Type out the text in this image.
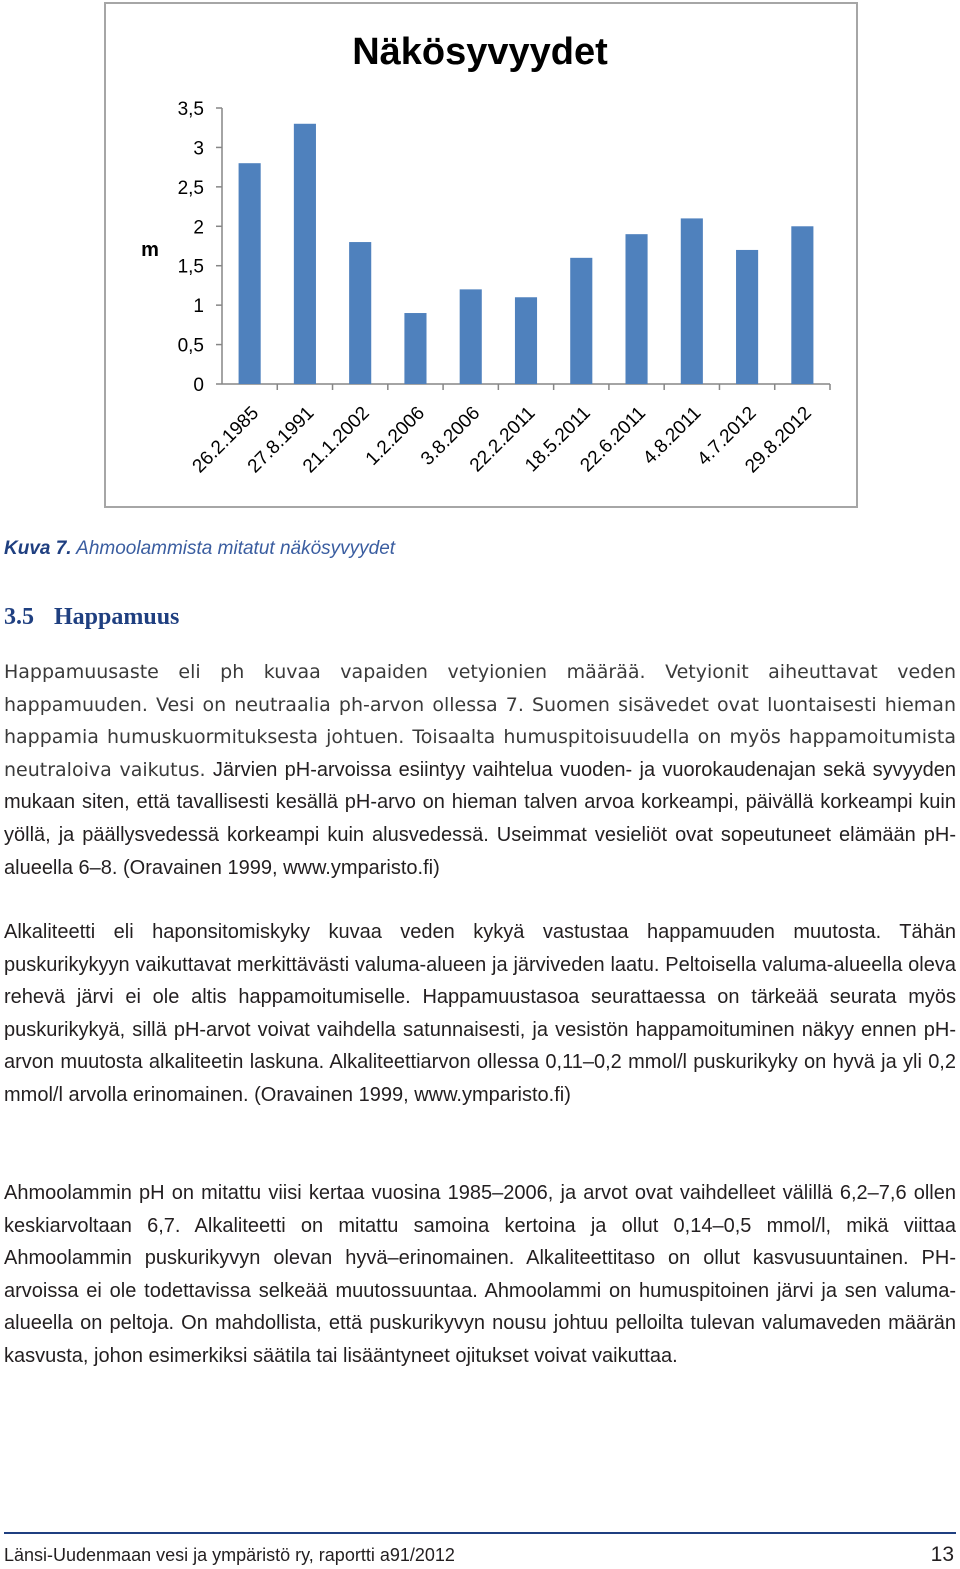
Näkösyvyydet
m
0
0,5
1
1,5
2
2,5
3
3,5
26.2.1985
27.8.1991
21.1.2002
1.2.2006
3.8.2006
22.2.2011
18.5.2011
22.6.2011
4.8.2011
4.7.2012
29.8.2012
Kuva 7. Ahmoolammista mitatut näkösyvyydet
3.5 Happamuus
Happamuusaste eli ph kuvaa vapaiden vetyionien määrää. Vetyionit aiheuttavat veden happamuuden. Vesi on neutraalia ph-arvon ollessa 7. Suomen sisävedet ovat luontaisesti hieman happamia humuskuormituksesta johtuen. Toisaalta humuspitoisuudella on myös happamoitumista neutraloiva vaikutus. Järvien pH-arvoissa esiintyy vaihtelua vuoden- ja vuorokaudenajan sekä syvyyden mukaan siten, että tavallisesti kesällä pH-arvo on hieman talven arvoa korkeampi, päivällä korkeampi kuin yöllä, ja päällysvedessä korkeampi kuin alusvedessä. Useimmat vesieliöt ovat sopeutuneet elämään pH-alueella 6–8. (Oravainen 1999, www.ymparisto.fi)
Alkaliteetti eli haponsitomiskyky kuvaa veden kykyä vastustaa happamuuden muutosta. Tähän puskurikykyyn vaikuttavat merkittävästi valuma-alueen ja järviveden laatu. Peltoisella valuma-alueella oleva rehevä järvi ei ole altis happamoitumiselle. Happamuustasoa seurattaessa on tärkeää seurata myös puskurikykyä, sillä pH-arvot voivat vaihdella satunnaisesti, ja vesistön happamoituminen näkyy ennen pH-arvon muutosta alkaliteetin laskuna. Alkaliteettiarvon ollessa 0,11–0,2 mmol/l puskurikyky on hyvä ja yli 0,2 mmol/l arvolla erinomainen. (Oravainen 1999, www.ymparisto.fi)
Ahmoolammin pH on mitattu viisi kertaa vuosina 1985–2006, ja arvot ovat vaihdelleet välillä 6,2–7,6 ollen keskiarvoltaan 6,7. Alkaliteetti on mitattu samoina kertoina ja ollut 0,14–0,5 mmol/l, mikä viittaa Ahmoolammin puskurikyvyn olevan hyvä–erinomainen. Alkaliteettitaso on ollut kasvusuuntainen. PH-arvoissa ei ole todettavissa selkeää muutossuuntaa. Ahmoolammi on humuspitoinen järvi ja sen valuma-alueella on peltoja. On mahdollista, että puskurikyvyn nousu johtuu pelloilta tulevan valumaveden määrän kasvusta, johon esimerkiksi säätila tai lisääntyneet ojitukset voivat vaikuttaa.
Länsi-Uudenmaan vesi ja ympäristö ry, raportti a91/2012	13
